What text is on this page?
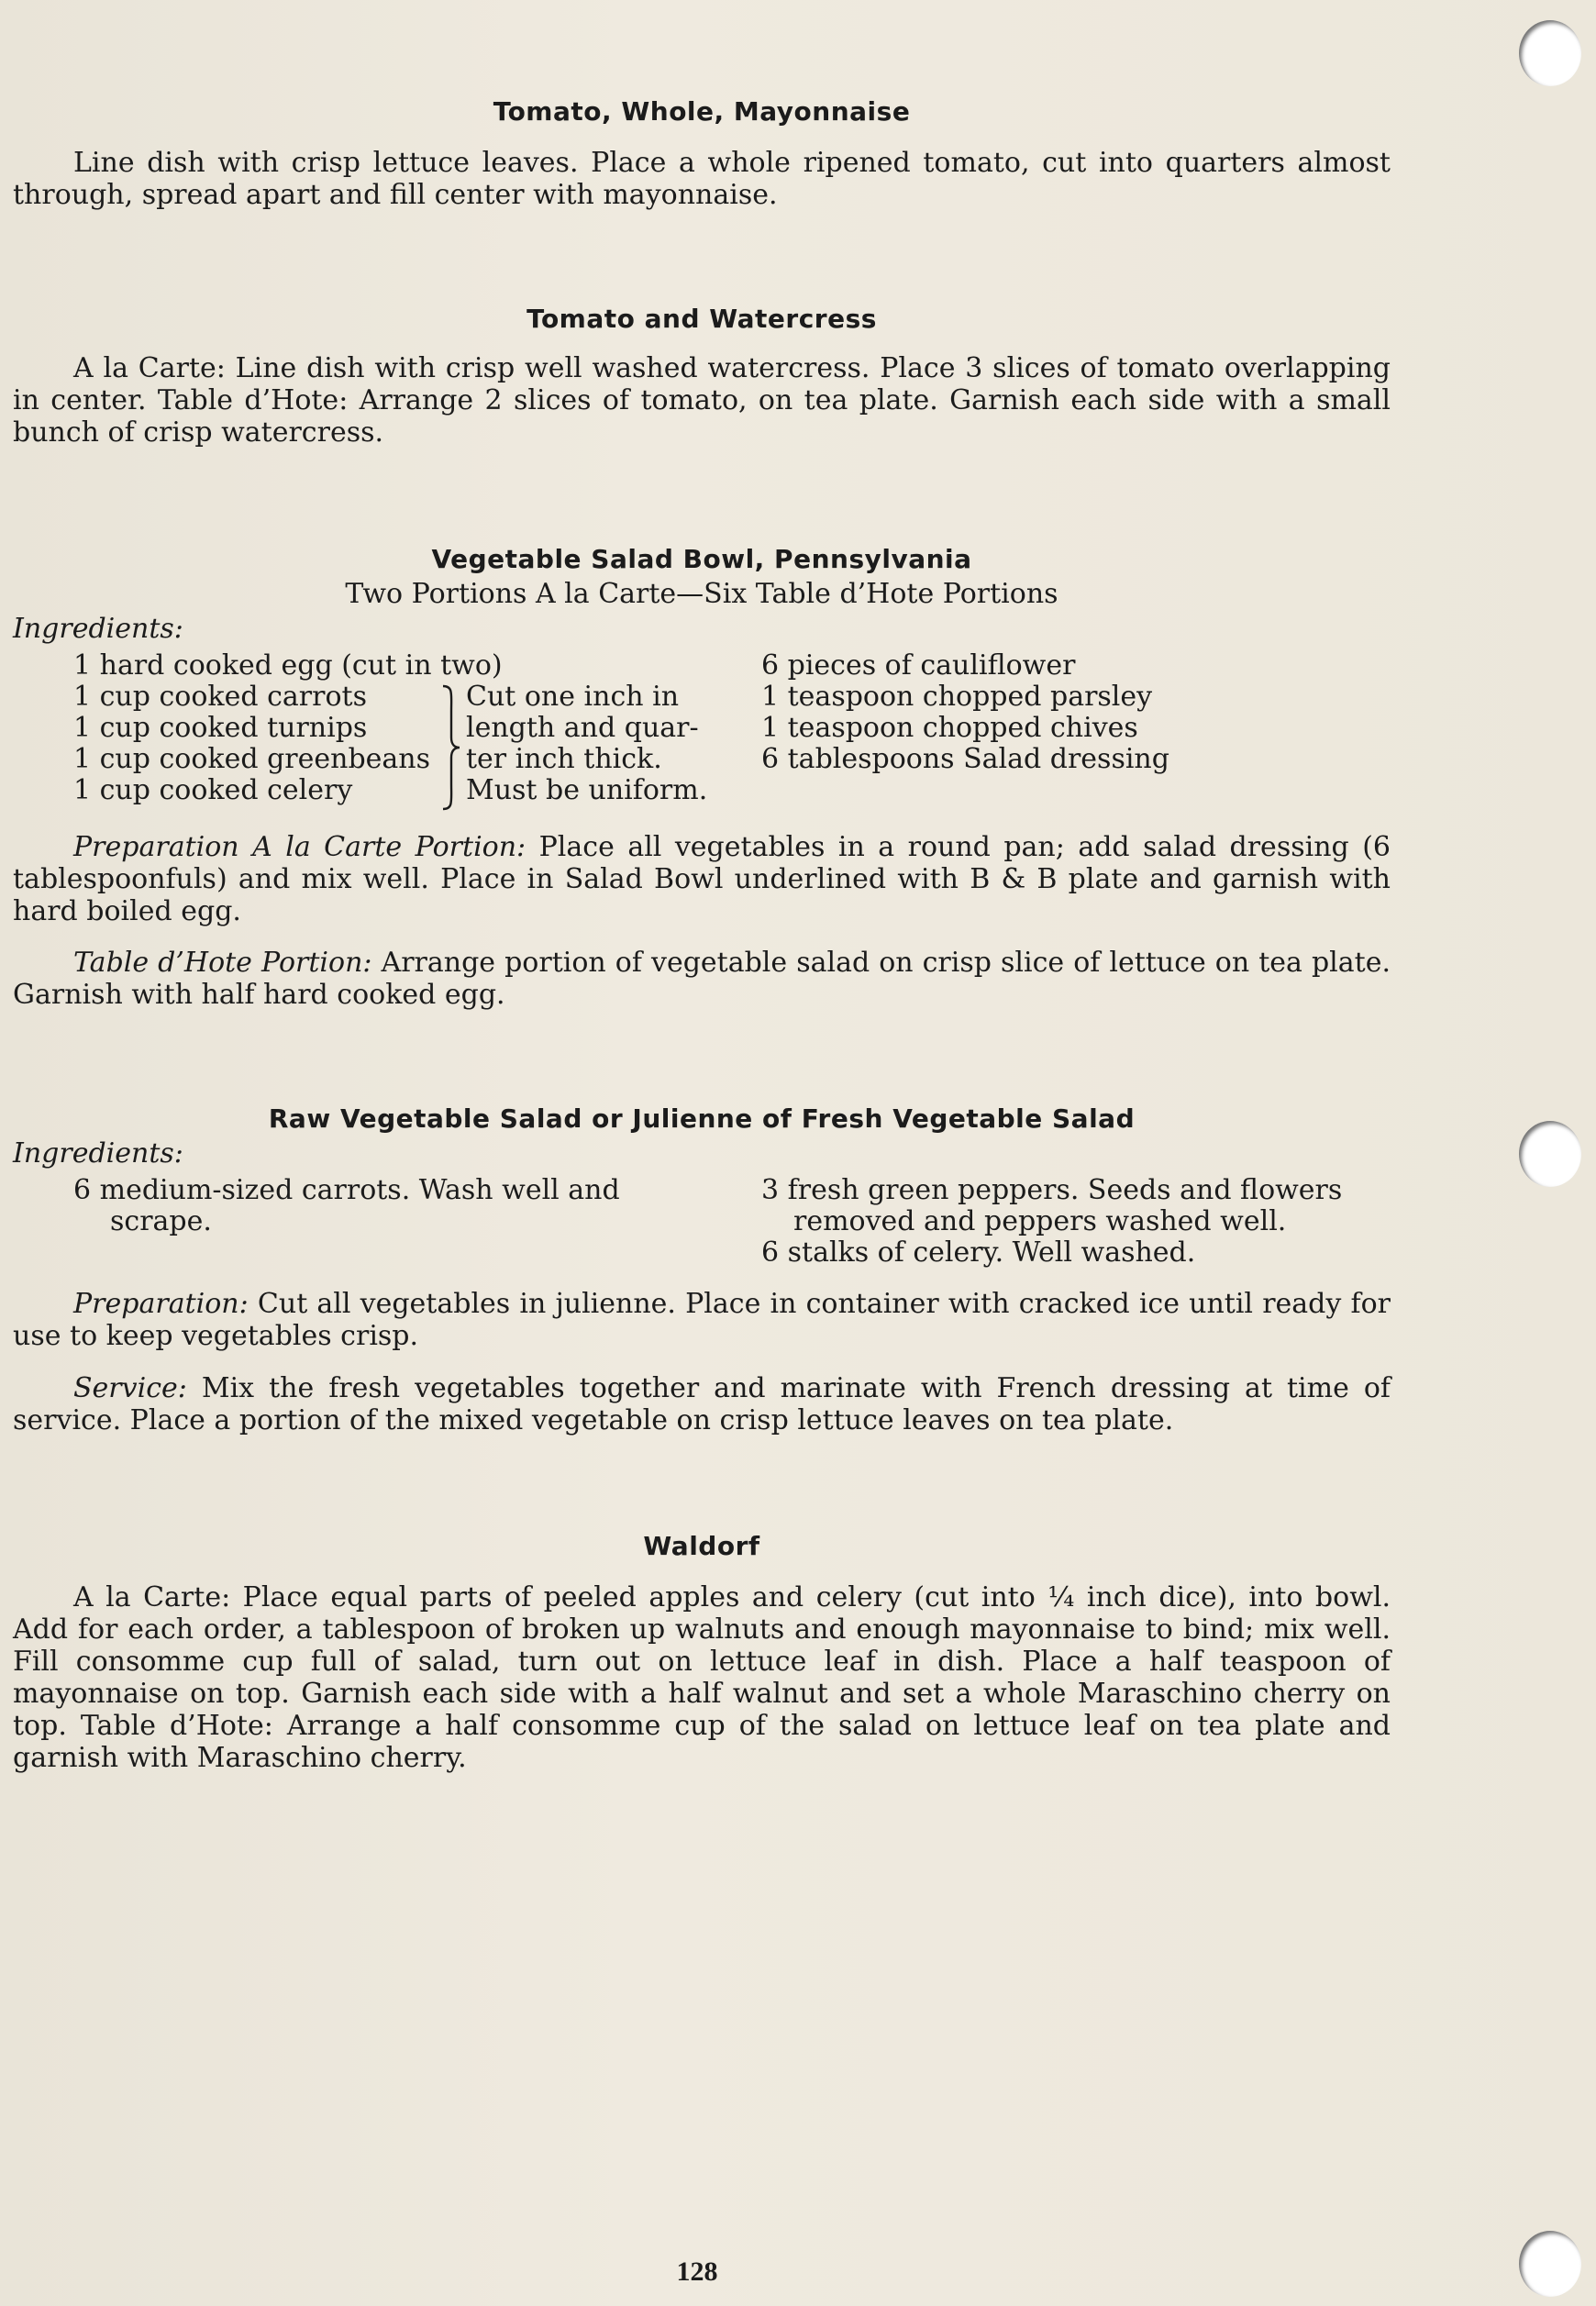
Tomato, Whole, Mayonnaise
Line dish with crisp lettuce leaves. Place a whole ripened tomato, cut into quarters almost through, spread apart and fill center with mayonnaise.
Tomato and Watercress
A la Carte: Line dish with crisp well washed watercress. Place 3 slices of tomato overlapping in center. Table d’Hote: Arrange 2 slices of tomato, on tea plate. Garnish each side with a small bunch of crisp watercress.
Vegetable Salad Bowl, Pennsylvania
Two Portions A la Carte—Six Table d’Hote Portions
Ingredients:
1 hard cooked egg (cut in two)
1 cup cooked carrots
1 cup cooked turnips
1 cup cooked greenbeans
1 cup cooked celery
Cut one inch in
length and quar-
ter inch thick.
Must be uniform.
6 pieces of cauliflower
1 teaspoon chopped parsley
1 teaspoon chopped chives
6 tablespoons Salad dressing
Preparation A la Carte Portion: Place all vegetables in a round pan; add salad dressing (6 tablespoonfuls) and mix well. Place in Salad Bowl underlined with B & B plate and garnish with hard boiled egg.
Table d’Hote Portion: Arrange portion of vegetable salad on crisp slice of lettuce on tea plate. Garnish with half hard cooked egg.
Raw Vegetable Salad or Julienne of Fresh Vegetable Salad
Ingredients:
6 medium-sized carrots. Wash well and
scrape.
3 fresh green peppers. Seeds and flowers
removed and peppers washed well.
6 stalks of celery. Well washed.
Preparation: Cut all vegetables in julienne. Place in container with cracked ice until ready for use to keep vegetables crisp.
Service: Mix the fresh vegetables together and marinate with French dressing at time of service. Place a portion of the mixed vegetable on crisp lettuce leaves on tea plate.
Waldorf
A la Carte: Place equal parts of peeled apples and celery (cut into ¼ inch dice), into bowl. Add for each order, a tablespoon of broken up walnuts and enough mayonnaise to bind; mix well. Fill consomme cup full of salad, turn out on lettuce leaf in dish. Place a half teaspoon of mayonnaise on top. Garnish each side with a half walnut and set a whole Maraschino cherry on top. Table d’Hote: Arrange a half consomme cup of the salad on lettuce leaf on tea plate and garnish with Maraschino cherry.
128
